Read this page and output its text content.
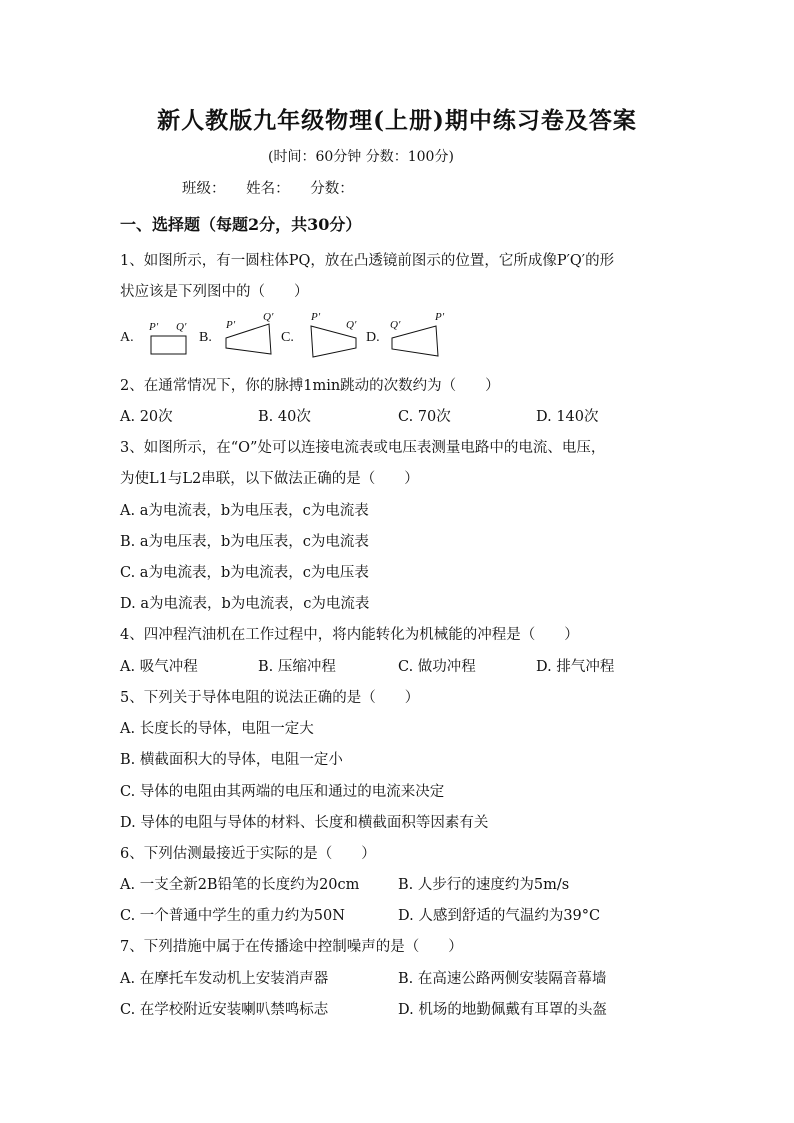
新人教版九年级物理(上册)期中练习卷及答案
(时间：60分钟 分数：100分)
班级： 姓名： 分数：
一、选择题（每题2分，共30分）
1、如图所示，有一圆柱体PQ，放在凸透镜前图示的位置，它所成像P′Q′的形
状应该是下列图中的（　　）
A.	B.	C.	D.
P′ Q′	P′
Q′	P′
Q′	Q′
P′
2、在通常情况下，你的脉搏1min跳动的次数约为（　　）
A. 20次	B. 40次	C. 70次	D. 140次
3、如图所示，在“O”处可以连接电流表或电压表测量电路中的电流、电压，
为使L1与L2串联，以下做法正确的是（　　）
A. a为电流表，b为电压表，c为电流表
B. a为电压表，b为电压表，c为电流表
C. a为电流表，b为电流表，c为电压表
D. a为电流表，b为电流表，c为电流表
4、四冲程汽油机在工作过程中，将内能转化为机械能的冲程是（　　）
A. 吸气冲程	B. 压缩冲程	C. 做功冲程	D. 排气冲程
5、下列关于导体电阻的说法正确的是（　　）
A. 长度长的导体，电阻一定大
B. 横截面积大的导体，电阻一定小
C. 导体的电阻由其两端的电压和通过的电流来决定
D. 导体的电阻与导体的材料、长度和横截面积等因素有关
6、下列估测最接近于实际的是（　　）
A. 一支全新2B铅笔的长度约为20cm	B. 人步行的速度约为5m/s
C. 一个普通中学生的重力约为50N	D. 人感到舒适的气温约为39°C
7、下列措施中属于在传播途中控制噪声的是（　　）
A. 在摩托车发动机上安装消声器	B. 在高速公路两侧安装隔音幕墙
C. 在学校附近安装喇叭禁鸣标志	D. 机场的地勤佩戴有耳罩的头盔
